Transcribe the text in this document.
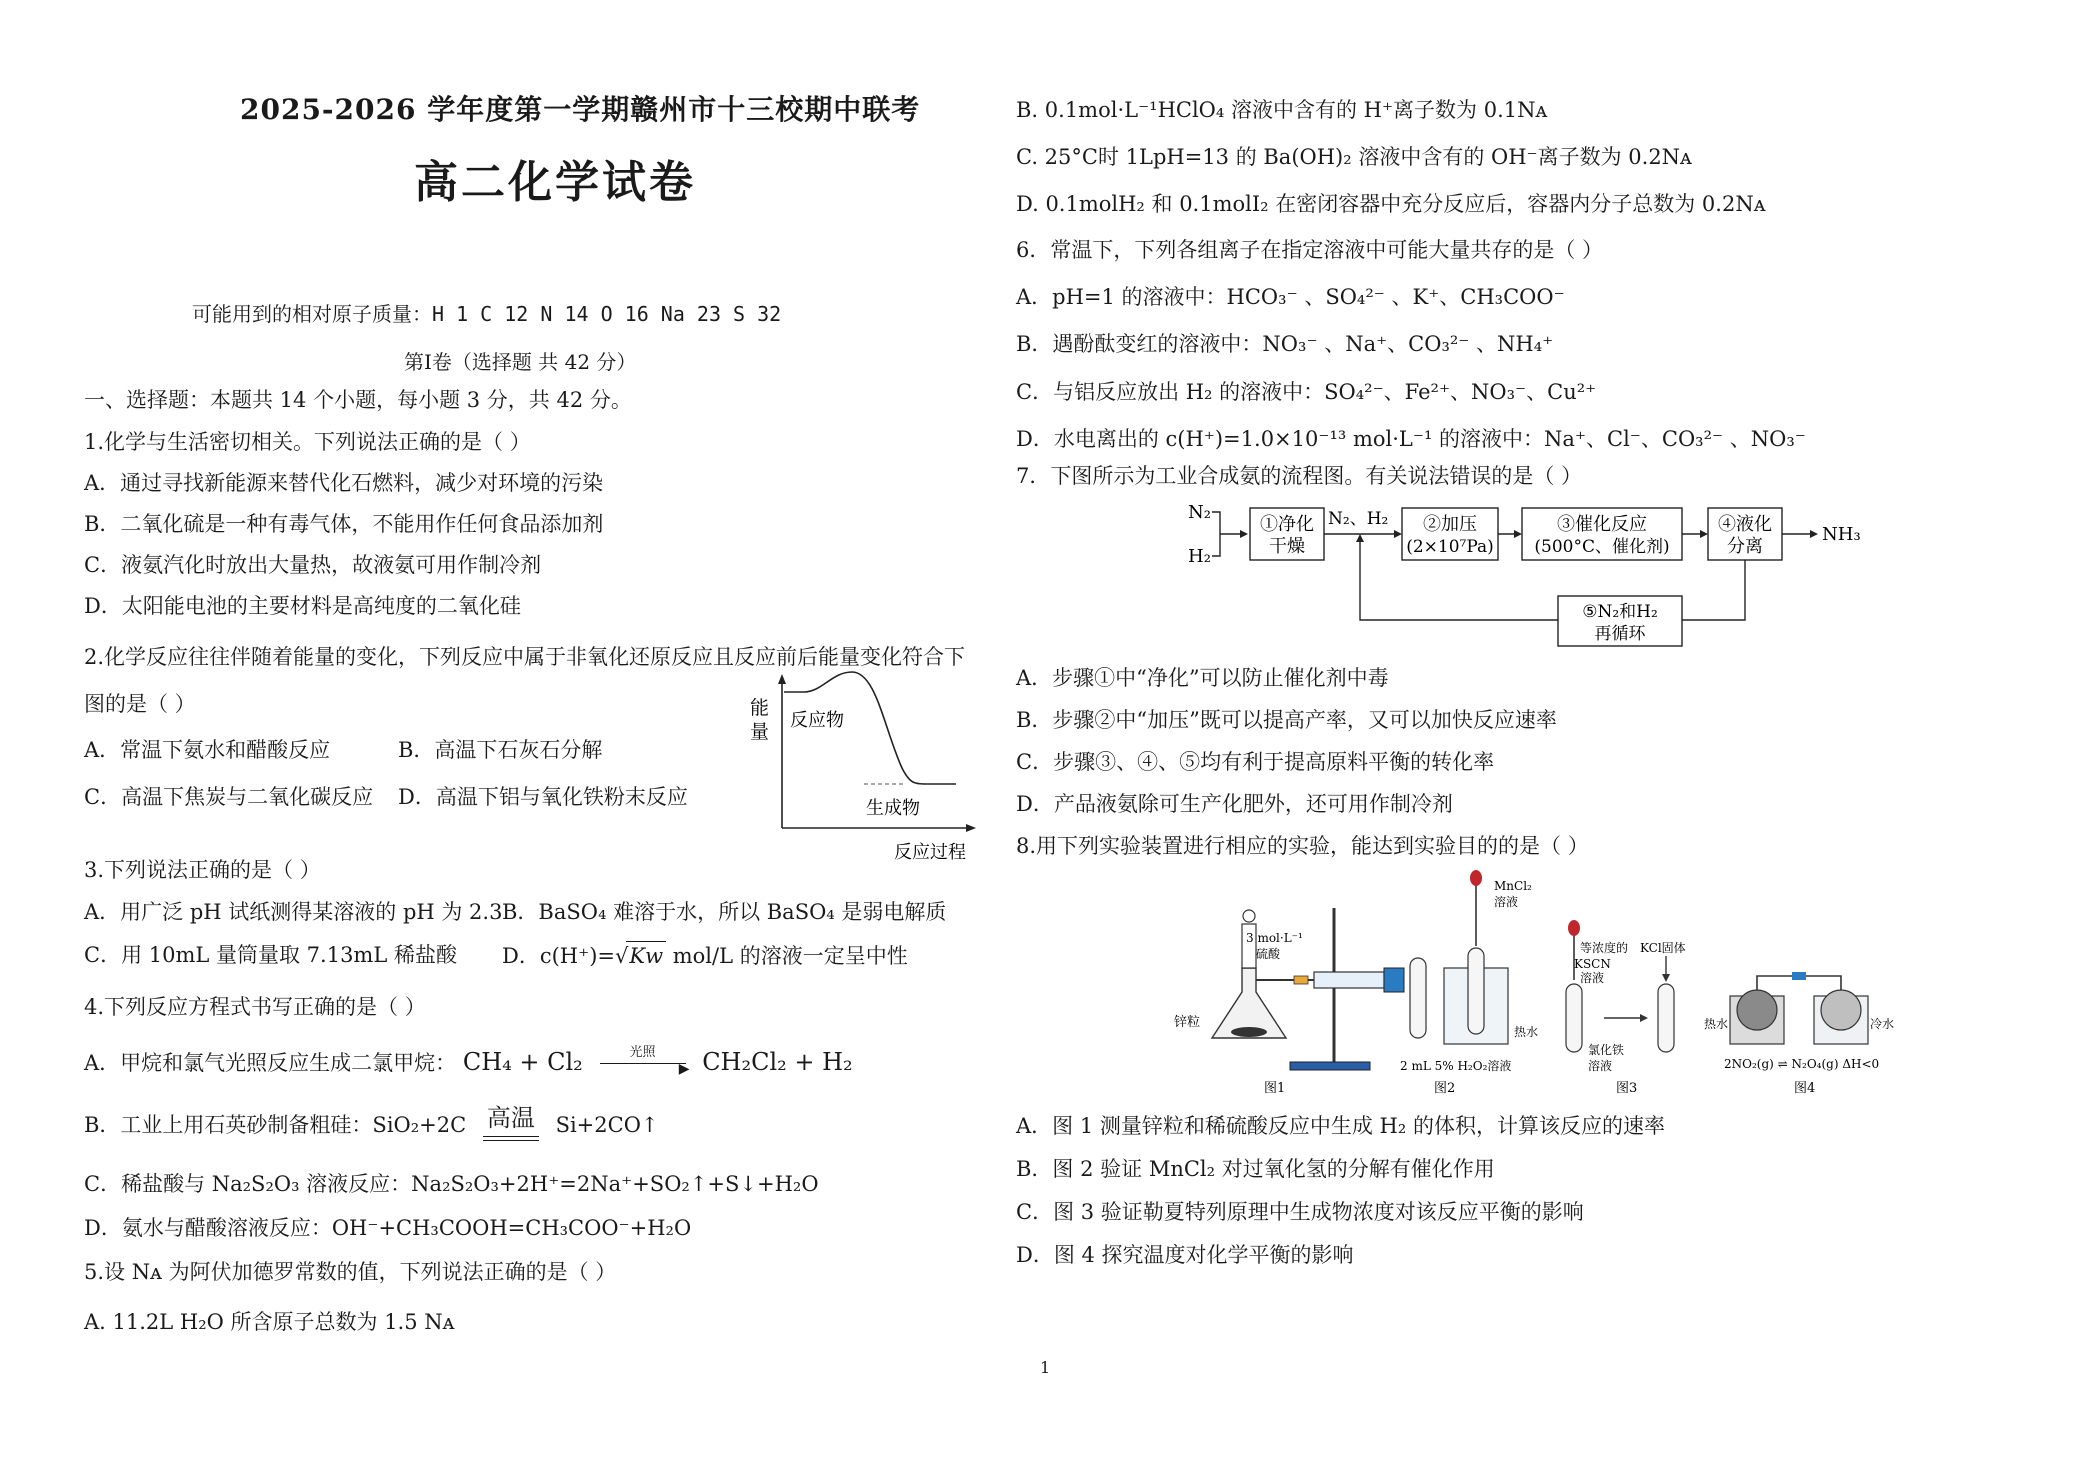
2025-2026 学年度第一学期赣州市十三校期中联考
高二化学试卷
可能用到的相对原子质量：H 1 C 12 N 14 O 16 Na 23 S 32
第Ⅰ卷（选择题 共 42 分）
一、选择题：本题共 14 个小题，每小题 3 分，共 42 分。
1.化学与生活密切相关。下列说法正确的是（ ）
A．通过寻找新能源来替代化石燃料，减少对环境的污染
B．二氧化硫是一种有毒气体，不能用作任何食品添加剂
C．液氨汽化时放出大量热，故液氨可用作制冷剂
D．太阳能电池的主要材料是高纯度的二氧化硅
2.化学反应往往伴随着能量的变化，下列反应中属于非氧化还原反应且反应前后能量变化符合下
图的是（ ）
A．常温下氨水和醋酸反应	B．高温下石灰石分解
C．高温下焦炭与二氧化碳反应 D．高温下铝与氧化铁粉末反应
能
量
反应物
生成物
反应过程
3.下列说法正确的是（ ）
A．用广泛 pH 试纸测得某溶液的 pH 为 2.3 B．BaSO₄ 难溶于水，所以 BaSO₄ 是弱电解质
C．用 10mL 量筒量取 7.13mL 稀盐酸 D．c(H⁺)=√Kw mol/L 的溶液一定呈中性
4.下列反应方程式书写正确的是（ ）
A．甲烷和氯气光照反应生成二氯甲烷： CH₄ + Cl₂	光照
▶ CH₂Cl₂ + H₂
B．工业上用石英砂制备粗硅：SiO₂+2C 高温 Si+2CO↑
C．稀盐酸与 Na₂S₂O₃ 溶液反应：Na₂S₂O₃+2H⁺=2Na⁺+SO₂↑+S↓+H₂O
D．氨水与醋酸溶液反应：OH⁻+CH₃COOH=CH₃COO⁻+H₂O
5.设 Nᴀ 为阿伏加德罗常数的值，下列说法正确的是（ ）
A. 11.2L H₂O 所含原子总数为 1.5 Nᴀ
B. 0.1mol·L⁻¹HClO₄ 溶液中含有的 H⁺离子数为 0.1Nᴀ
C. 25°C时 1LpH=13 的 Ba(OH)₂ 溶液中含有的 OH⁻离子数为 0.2Nᴀ
D. 0.1molH₂ 和 0.1molI₂ 在密闭容器中充分反应后，容器内分子总数为 0.2Nᴀ
6．常温下，下列各组离子在指定溶液中可能大量共存的是（ ）
A．pH=1 的溶液中：HCO₃⁻ 、SO₄²⁻ 、K⁺、CH₃COO⁻
B．遇酚酞变红的溶液中：NO₃⁻ 、Na⁺、CO₃²⁻ 、NH₄⁺
C．与铝反应放出 H₂ 的溶液中：SO₄²⁻、Fe²⁺、NO₃⁻、Cu²⁺
D．水电离出的 c(H⁺)=1.0×10⁻¹³ mol·L⁻¹ 的溶液中：Na⁺、Cl⁻、CO₃²⁻ 、NO₃⁻
7．下图所示为工业合成氨的流程图。有关说法错误的是（ ）
N₂
H₂
①净化
干燥
N₂、H₂ ②加压
(2×10⁷Pa)
③催化反应
(500°C、催化剂)
④液化
分离
NH₃
⑤N₂和H₂
再循环
A．步骤①中“净化”可以防止催化剂中毒
B．步骤②中“加压”既可以提高产率，又可以加快反应速率
C．步骤③、④、⑤均有利于提高原料平衡的转化率
D．产品液氨除可生产化肥外，还可用作制冷剂
8.用下列实验装置进行相应的实验，能达到实验目的的是（ ）
3 mol·L⁻¹
硫酸
锌粒
图1
MnCl₂
溶液
热水
2 mL 5% H₂O₂溶液
图2
等浓度的
KSCN
溶液
KCl固体
氯化铁
溶液
图3
热水	冷水
2NO₂(g) ⇌ N₂O₄(g) ΔH<0
图4
A．图 1 测量锌粒和稀硫酸反应中生成 H₂ 的体积，计算该反应的速率
B．图 2 验证 MnCl₂ 对过氧化氢的分解有催化作用
C．图 3 验证勒夏特列原理中生成物浓度对该反应平衡的影响
D．图 4 探究温度对化学平衡的影响
1
